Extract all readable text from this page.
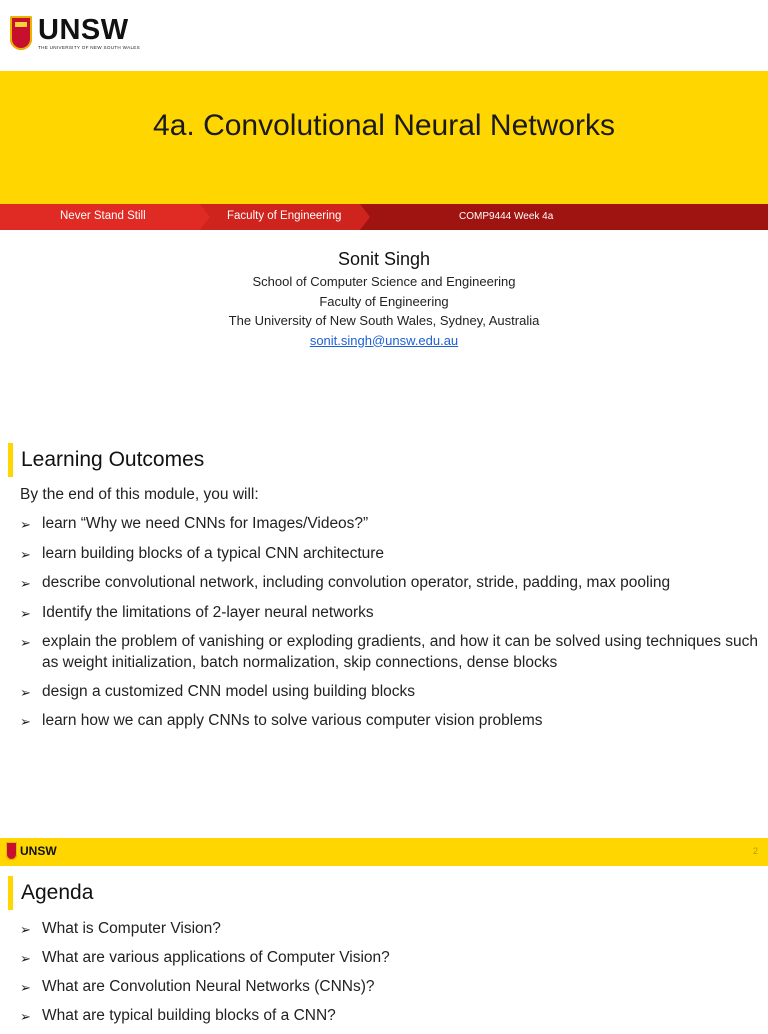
UNSW
THE UNIVERSITY OF NEW SOUTH WALES
4a. Convolutional Neural Networks
Never Stand Still	Faculty of Engineering	COMP9444 Week 4a
Sonit Singh
School of Computer Science and Engineering
Faculty of Engineering
The University of New South Wales, Sydney, Australia
sonit.singh@unsw.edu.au
Learning Outcomes
By the end of this module, you will:
➢ learn “Why we need CNNs for Images/Videos?”
➢ learn building blocks of a typical CNN architecture
➢ describe convolutional network, including convolution operator, stride, padding, max pooling
➢ Identify the limitations of 2-layer neural networks
➢ explain the problem of vanishing or exploding gradients, and how it can be solved using techniques such as weight initialization, batch normalization, skip connections, dense blocks
➢ design a customized CNN model using building blocks
➢ learn how we can apply CNNs to solve various computer vision problems
UNSW	2
Agenda
➢ What is Computer Vision?
➢ What are various applications of Computer Vision?
➢ What are Convolution Neural Networks (CNNs)?
➢ What are typical building blocks of a CNN?
